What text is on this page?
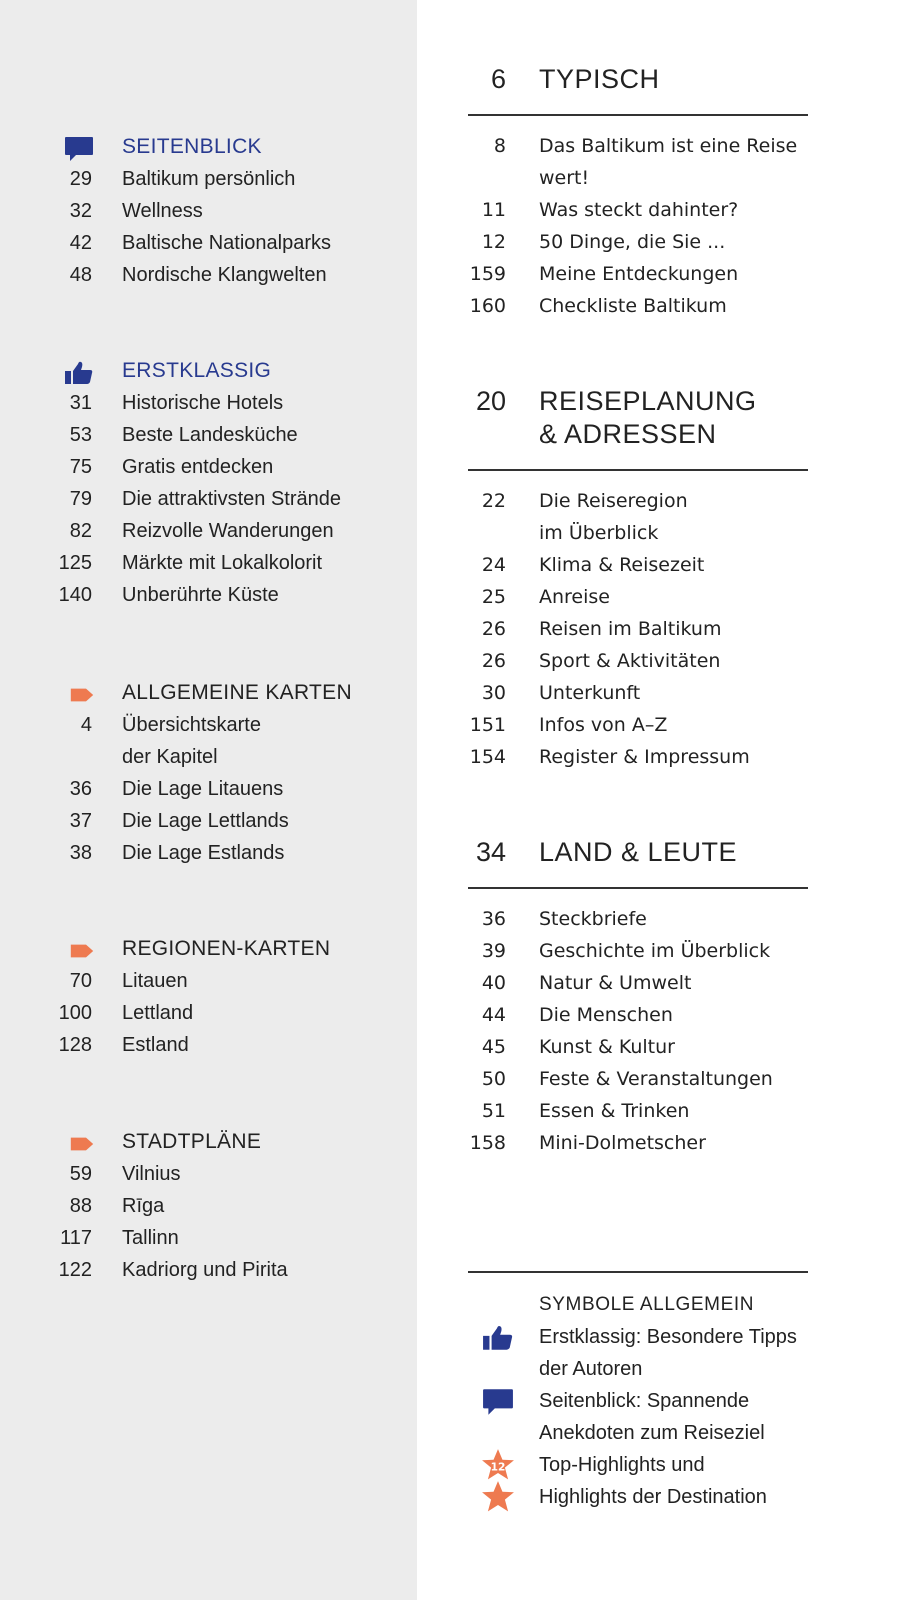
SEITENBLICK
29 Baltikum persönlich
32 Wellness
42 Baltische Nationalparks
48 Nordische Klangwelten
ERSTKLASSIG
31 Historische Hotels
53 Beste Landesküche
75 Gratis entdecken
79 Die attraktivsten Strände
82 Reizvolle Wanderungen
125 Märkte mit Lokalkolorit
140 Unberührte Küste
ALLGEMEINE KARTEN
4 Übersichtskarte
der Kapitel
36 Die Lage Litauens
37 Die Lage Lettlands
38 Die Lage Estlands
REGIONEN-KARTEN
70 Litauen
100 Lettland
128 Estland
STADTPLÄNE
59 Vilnius
88 Rīga
117 Tallinn
122 Kadriorg und Pirita
6 TYPISCH
8 Das Baltikum ist eine Reise wert!
11 Was steckt dahinter?
12 50 Dinge, die Sie ...
159 Meine Entdeckungen
160 Checkliste Baltikum
20 REISEPLANUNG & ADRESSEN
22 Die Reiseregion im Überblick
24 Klima & Reisezeit
25 Anreise
26 Reisen im Baltikum
26 Sport & Aktivitäten
30 Unterkunft
151 Infos von A–Z
154 Register & Impressum
34 LAND & LEUTE
36 Steckbriefe
39 Geschichte im Überblick
40 Natur & Umwelt
44 Die Menschen
45 Kunst & Kultur
50 Feste & Veranstaltungen
51 Essen & Trinken
158 Mini-Dolmetscher
SYMBOLE ALLGEMEIN
Erstklassig: Besondere Tipps der Autoren
Seitenblick: Spannende Anekdoten zum Reiseziel
12 Top-Highlights und
Highlights der Destination
